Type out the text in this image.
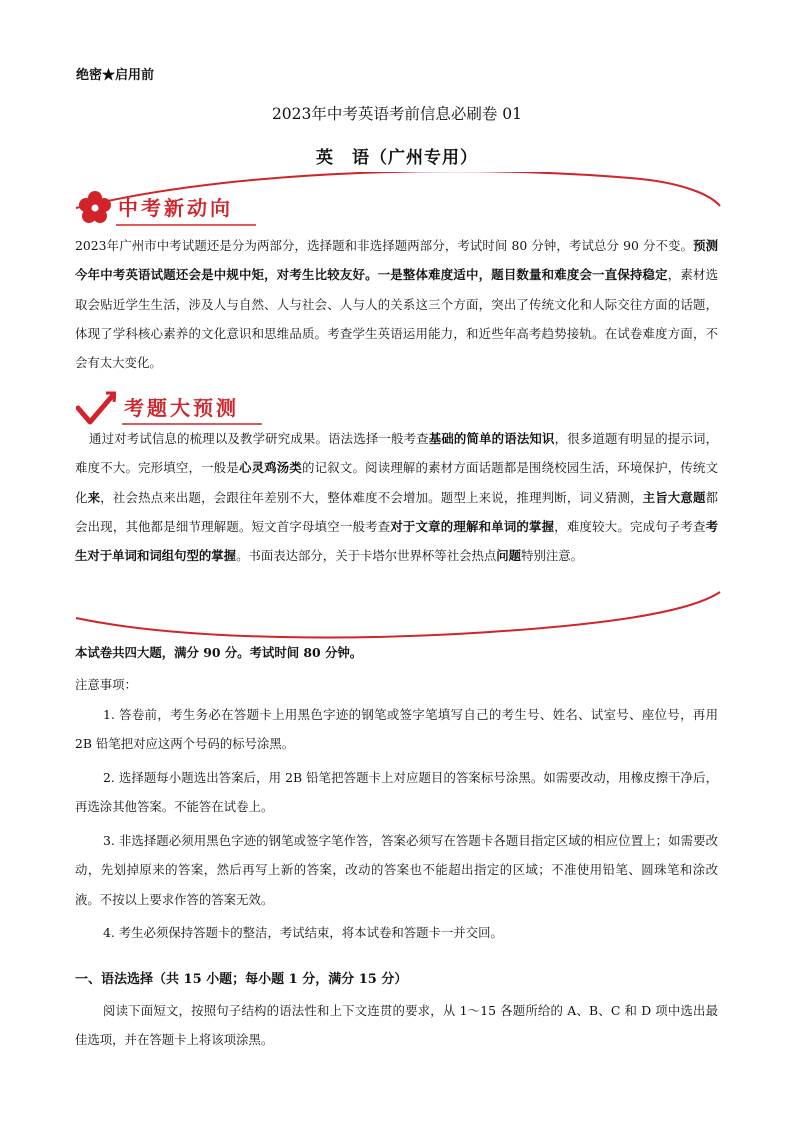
绝密★启用前
2023年中考英语考前信息必刷卷 01
英　语（广州专用）
中考新动向

2023年广州市中考试题还是分为两部分，选择题和非选择题两部分，考试时间 80 分钟，考试总分 90 分不变。预测今年中考英语试题还会是中规中矩，对考生比较友好。一是整体难度适中，题目数量和难度会一直保持稳定，素材选取会贴近学生生活，涉及人与自然、人与社会、人与人的关系这三个方面，突出了传统文化和人际交往方面的话题，体现了学科核心素养的文化意识和思维品质。考查学生英语运用能力，和近些年高考趋势接轨。在试卷难度方面，不会有太大变化。

考题大预测

通过对考试信息的梳理以及教学研究成果。语法选择一般考查基础的简单的语法知识，很多道题有明显的提示词，难度不大。完形填空，一般是心灵鸡汤类的记叙文。阅读理解的素材方面话题都是围绕校园生活，环境保护，传统文化来，社会热点来出题，会跟往年差别不大，整体难度不会增加。题型上来说，推理判断，词义猜测，主旨大意题都会出现，其他都是细节理解题。短文首字母填空一般考查对于文章的理解和单词的掌握，难度较大。完成句子考查考生对于单词和词组句型的掌握。书面表达部分，关于卡塔尔世界杯等社会热点问题特别注意。

本试卷共四大题，满分 90 分。考试时间 80 分钟。
注意事项：

1. 答卷前，考生务必在答题卡上用黑色字迹的钢笔或签字笔填写自己的考生号、姓名、试室号、座位号，再用 2B 铅笔把对应这两个号码的标号涂黑。

2. 选择题每小题选出答案后，用 2B 铅笔把答题卡上对应题目的答案标号涂黑。如需要改动，用橡皮擦干净后，再选涂其他答案。不能答在试卷上。

3. 非选择题必须用黑色字迹的钢笔或签字笔作答，答案必须写在答题卡各题目指定区域的相应位置上；如需要改动，先划掉原来的答案，然后再写上新的答案，改动的答案也不能超出指定的区域；不准使用铅笔、圆珠笔和涂改液。不按以上要求作答的答案无效。

4. 考生必须保持答题卡的整洁，考试结束，将本试卷和答题卡一并交回。

一、语法选择（共 15 小题；每小题 1 分，满分 15 分）

阅读下面短文，按照句子结构的语法性和上下文连贯的要求，从 1～15 各题所给的 A、B、C 和 D 项中选出最佳选项，并在答题卡上将该项涂黑。
